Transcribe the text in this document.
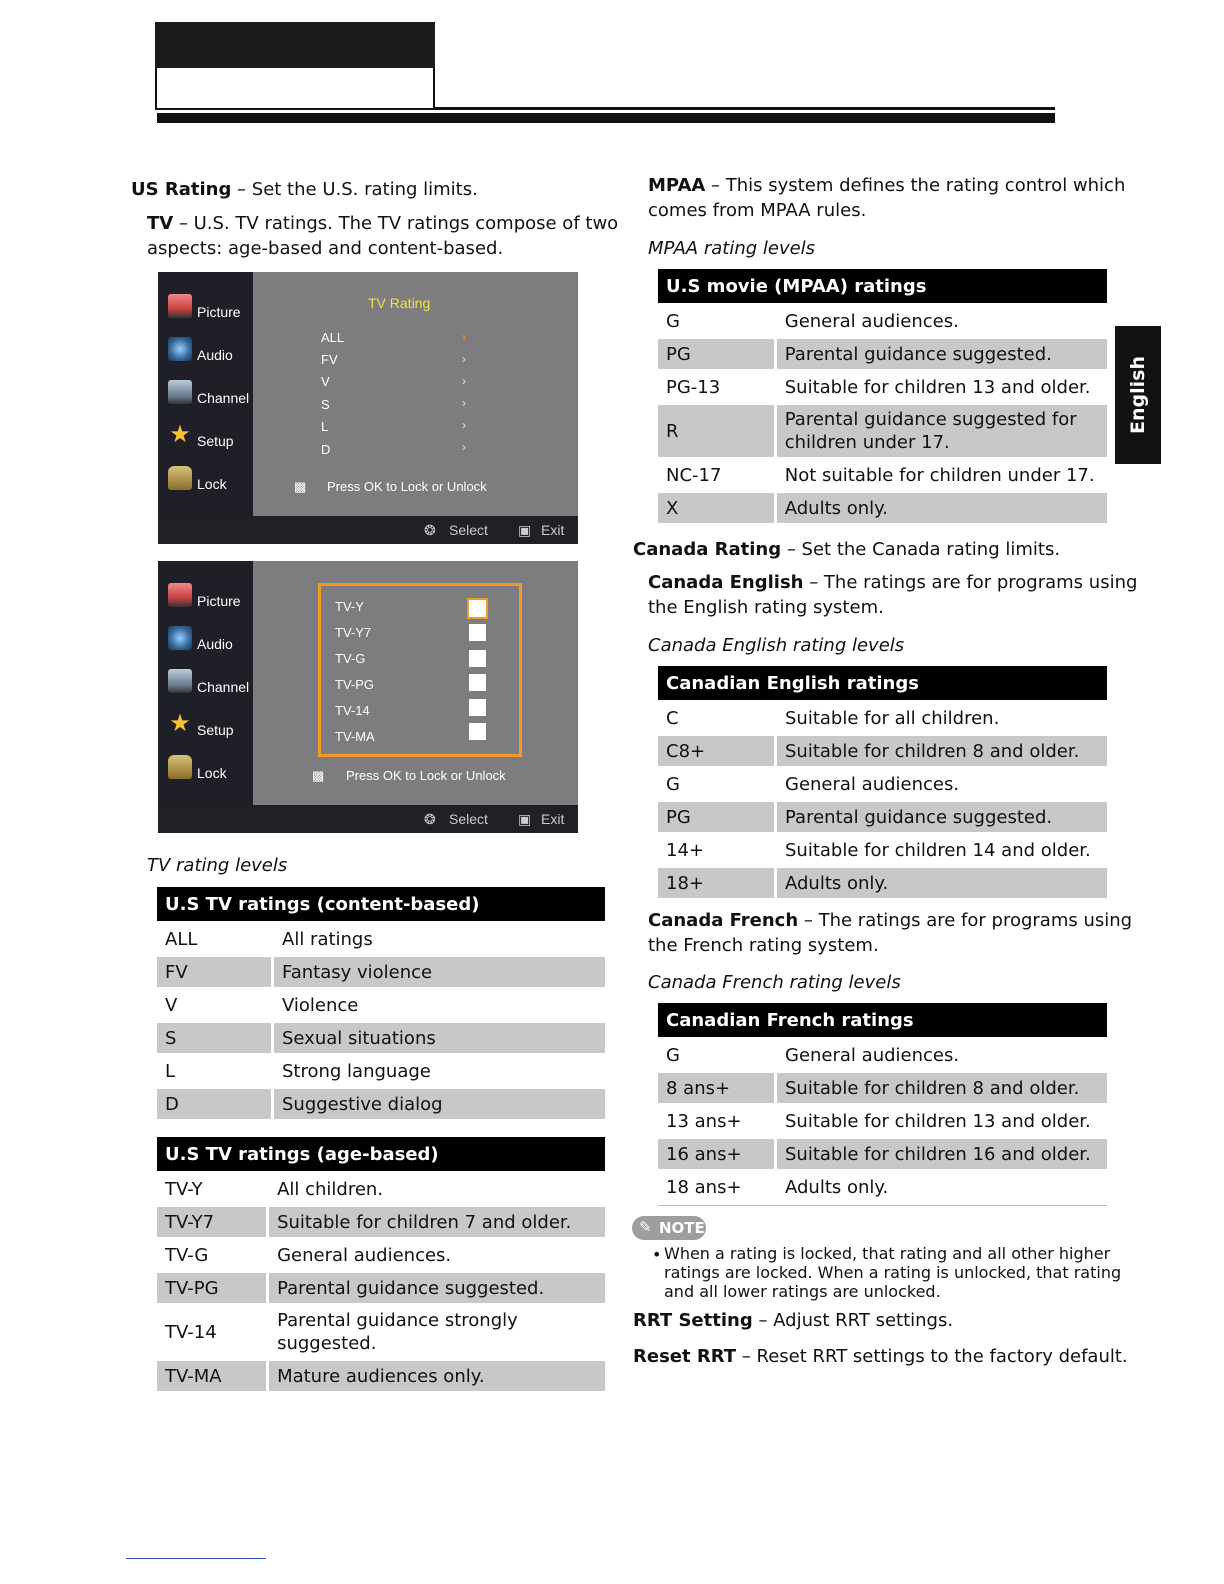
English
US Rating – Set the U.S. rating limits.
TV – U.S. TV ratings. The TV ratings compose of two
aspects: age-based and content-based.
Picture
Audio
Channel
★ Setup
Lock
TV Rating
ALL
FV
V
S
L
D
›
›
›
›
›
›
▩ Press OK to Lock or Unlock
❂ Select ▣ Exit
Picture
Audio
Channel
★ Setup
Lock
TV-Y
TV-Y7
TV-G
TV-PG
TV-14
TV-MA
▩ Press OK to Lock or Unlock
❂ Select ▣ Exit
TV rating levels
U.S TV ratings (content-based)	
ALL	All ratings
FV	Fantasy violence
V	Violence
S	Sexual situations
L	Strong language
D	Suggestive dialog
U.S TV ratings (age-based)	
TV-Y	All children.
TV-Y7	Suitable for children 7 and older.
TV-G	General audiences.
TV-PG	Parental guidance suggested.
TV-14	Parental guidance strongly suggested.
TV-MA	Mature audiences only.
MPAA – This system defines the rating control which
comes from MPAA rules.
MPAA rating levels
U.S movie (MPAA) ratings	
G	General audiences.
PG	Parental guidance suggested.
PG-13	Suitable for children 13 and older.
R	Parental guidance suggested for children under 17.
NC-17	Not suitable for children under 17.
X	Adults only.
Canada Rating – Set the Canada rating limits.
Canada English – The ratings are for programs using
the English rating system.
Canada English rating levels
Canadian English ratings	
C	Suitable for all children.
C8+	Suitable for children 8 and older.
G	General audiences.
PG	Parental guidance suggested.
14+	Suitable for children 14 and older.
18+	Adults only.
Canada French – The ratings are for programs using
the French rating system.
Canada French rating levels
Canadian French ratings	
G	General audiences.
8 ans+	Suitable for children 8 and older.
13 ans+	Suitable for children 13 and older.
16 ans+	Suitable for children 16 and older.
18 ans+	Adults only.
✎ NOTE
• When a rating is locked, that rating and all other higher
ratings are locked. When a rating is unlocked, that rating
and all lower ratings are unlocked.
RRT Setting – Adjust RRT settings.
Reset RRT – Reset RRT settings to the factory default.
